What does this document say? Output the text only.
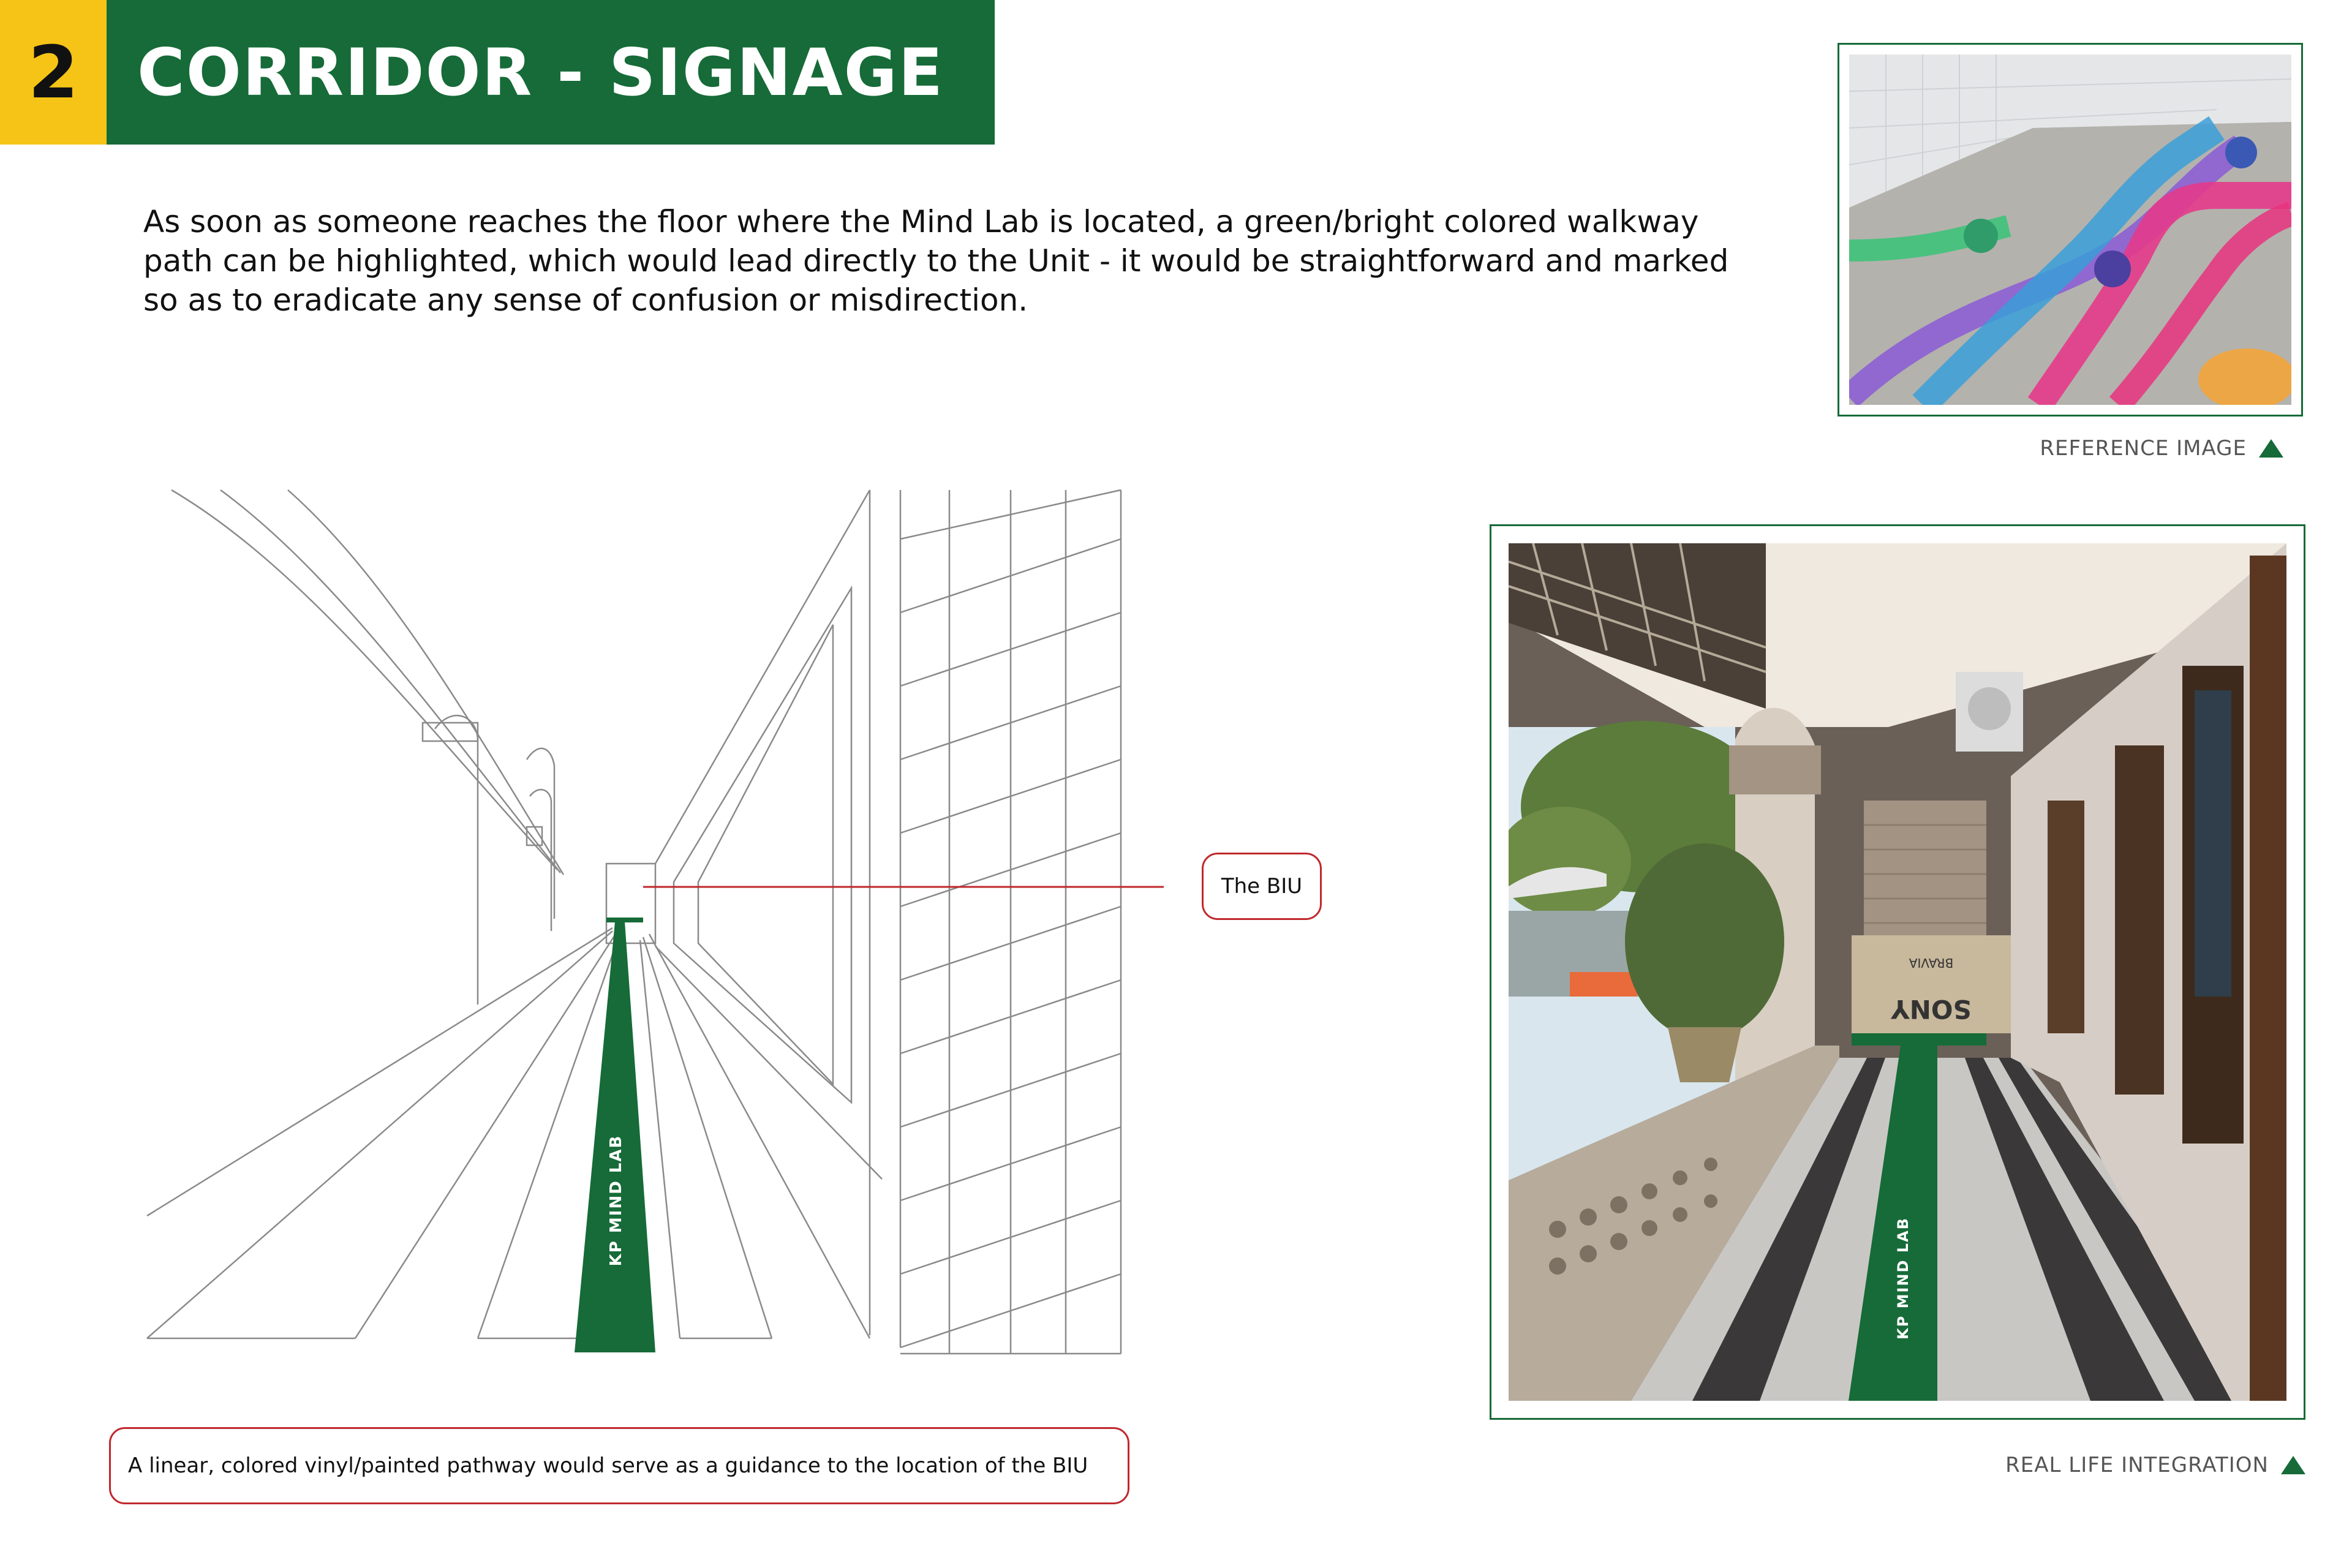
2 CORRIDOR - SIGNAGE
As soon as someone reaches the floor where the Mind Lab is located, a green/bright colored walkway path can be highlighted, which would lead directly to the Unit - it would be straightforward and marked so as to eradicate any sense of confusion or misdirection.
REFERENCE IMAGE
KP MIND LAB
The BIU
A linear, colored vinyl/painted pathway would serve as a guidance to the location of the BIU
SONY
BRAVIA
KP MIND LAB
REAL LIFE INTEGRATION
